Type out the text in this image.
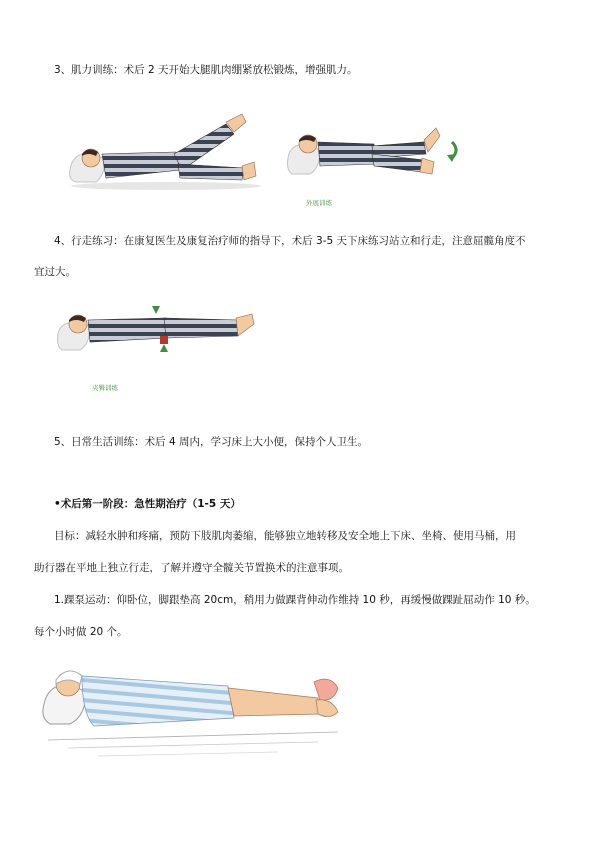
3、肌力训练：术后 2 天开始大腿肌肉绷紧放松锻炼，增强肌力。
外展训练
4、行走练习：在康复医生及康复治疗师的指导下，术后 3-5 天下床练习站立和行走，注意屈髋角度不
宜过大。
夹臀训练
5、日常生活训练：术后 4 周内，学习床上大小便，保持个人卫生。
•术后第一阶段：急性期治疗（1-5 天）
目标：减轻水肿和疼痛，预防下肢肌肉萎缩，能够独立地转移及安全地上下床、坐椅、使用马桶，用
助行器在平地上独立行走，了解并遵守全髋关节置换术的注意事项。
1.踝泵运动：仰卧位，脚跟垫高 20cm，稍用力做踝背伸动作维持 10 秒，再缓慢做踝趾屈动作 10 秒。
每个小时做 20 个。
